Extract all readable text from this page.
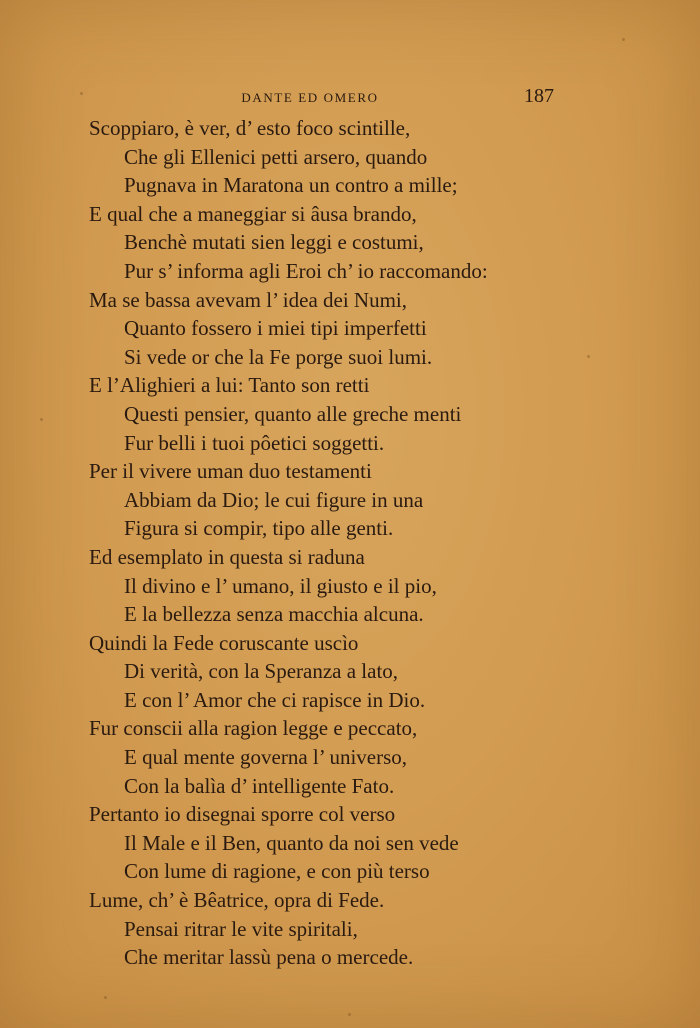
DANTE ED OMERO	187
Scoppiaro, è ver, d’ esto foco scintille,
Che gli Ellenici petti arsero, quando
Pugnava in Maratona un contro a mille;
E qual che a maneggiar si âusa brando,
Benchè mutati sien leggi e costumi,
Pur s’ informa agli Eroi ch’ io raccomando:
Ma se bassa avevam l’ idea dei Numi,
Quanto fossero i miei tipi imperfetti
Si vede or che la Fe porge suoi lumi.
E l’Alighieri a lui: Tanto son retti
Questi pensier, quanto alle greche menti
Fur belli i tuoi pôetici soggetti.
Per il vivere uman duo testamenti
Abbiam da Dio; le cui figure in una
Figura si compir, tipo alle genti.
Ed esemplato in questa si raduna
Il divino e l’ umano, il giusto e il pio,
E la bellezza senza macchia alcuna.
Quindi la Fede coruscante uscìo
Di verità, con la Speranza a lato,
E con l’ Amor che ci rapisce in Dio.
Fur conscii alla ragion legge e peccato,
E qual mente governa l’ universo,
Con la balìa d’ intelligente Fato.
Pertanto io disegnai sporre col verso
Il Male e il Ben, quanto da noi sen vede
Con lume di ragione, e con più terso
Lume, ch’ è Bêatrice, opra di Fede.
Pensai ritrar le vite spiritali,
Che meritar lassù pena o mercede.
